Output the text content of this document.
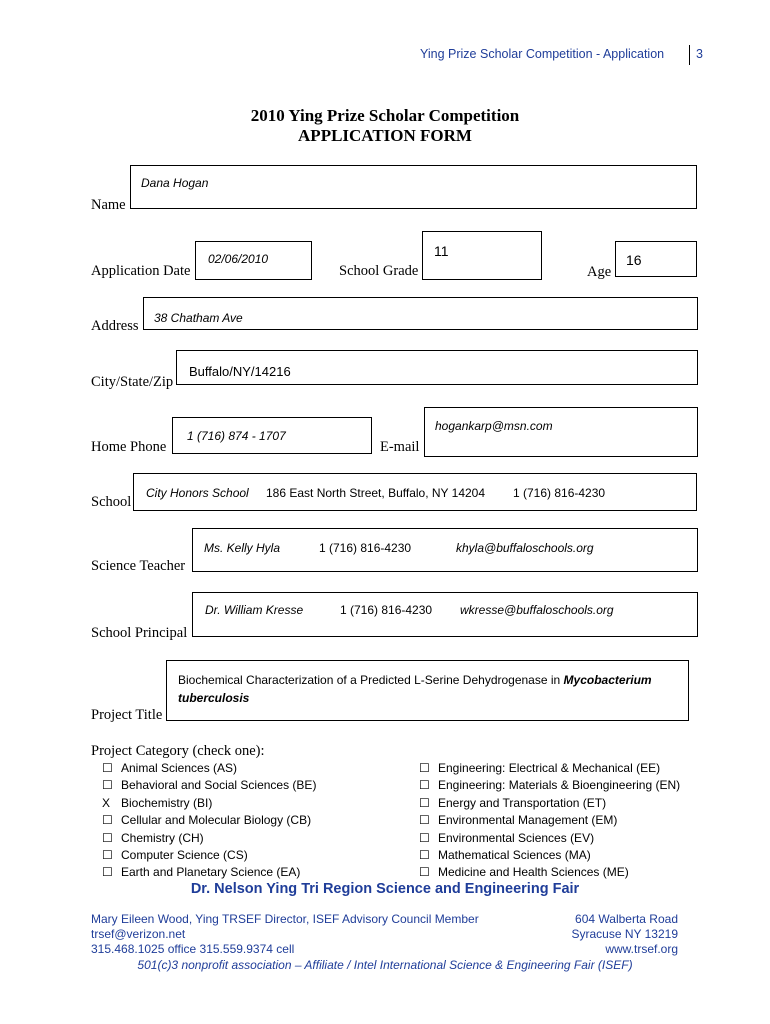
Ying Prize Scholar Competition - Application	3
2010 Ying Prize Scholar Competition
APPLICATION FORM
Name
Dana Hogan
Application Date
02/06/2010
School Grade
11
Age
16
Address 38 Chatham Ave
City/State/Zip
Buffalo/NY/14216
Home Phone
1 (716) 874 - 1707
E-mail
hogankarp@msn.com
School
City Honors School 186 East North Street, Buffalo, NY 14204 1 (716) 816-4230
Science Teacher
Ms. Kelly Hyla	1 (716) 816-4230	khyla@buffaloschools.org
School Principal
Dr. William Kresse	1 (716) 816-4230 wkresse@buffaloschools.org
Project Title
Biochemical Characterization of a Predicted L-Serine Dehydrogenase in Mycobacterium
tuberculosis
Project Category (check one):
☐ Animal Sciences (AS)
☐ Behavioral and Social Sciences (BE)
X Biochemistry (BI)
☐ Cellular and Molecular Biology (CB)
☐ Chemistry (CH)
☐ Computer Science (CS)
☐ Earth and Planetary Science (EA)
☐ Engineering: Electrical & Mechanical (EE)
☐ Engineering: Materials & Bioengineering (EN)
☐ Energy and Transportation (ET)
☐ Environmental Management (EM)
☐ Environmental Sciences (EV)
☐ Mathematical Sciences (MA)
☐ Medicine and Health Sciences (ME)
Dr. Nelson Ying Tri Region Science and Engineering Fair
Mary Eileen Wood, Ying TRSEF Director, ISEF Advisory Council Member
trsef@verizon.net
315.468.1025 office 315.559.9374 cell
604 Walberta Road
Syracuse NY 13219
www.trsef.org
501(c)3 nonprofit association – Affiliate / Intel International Science & Engineering Fair (ISEF)
